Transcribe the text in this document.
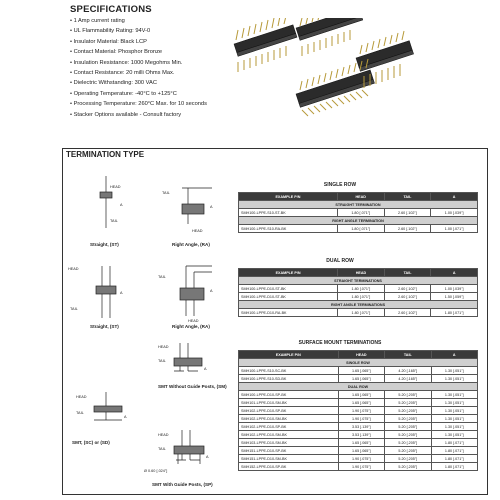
SPECIFICATIONS
• 1 Amp current rating
• UL Flammability Rating: 94V-0
• Insulator Material: Black LCP
• Contact Material: Phosphor Bronze
• Insulation Resistance: 1000 Megohms Min.
• Contact Resistance: 20 milli Ohms Max.
• Dielectric Withstanding: 300 VAC
• Operating Temperature: -40°C to +125°C
• Processing Temperature: 260°C Max. for 10 seconds
• Stacker Options available - Consult factory
TERMINATION TYPE
HEAD
TAIL
A
Straight, (ST)
TAIL
A
HEAD
Right Angle, (RA)
HEAD
TAIL
A
Straight, (ST)
TAIL
A
HEAD
Right Angle, (RA)
HEAD
TAIL
A
SMT Without Guide Posts, (SM)
HEAD
TAIL
A
SMT, (SC) or (SD)
HEAD
TAIL
A
Ø 0.60 [.024"]
SMT With Guide Posts, (SP)
SINGLE ROW
EXAMPLE P/N	HEAD	TAIL	A
STRAIGHT TERMINATION			
SMH100-LPPE-S10-ST-BK	1.80 [.071"]	2.60 [.102"]	1.00 [.039"]
RIGHT ANGLE TERMINATION			
SMH100-LPPE-S10-RA-BK	1.80 [.071"]	2.60 [.102"]	1.00 [.071"]
DUAL ROW
EXAMPLE P/N	HEAD	TAIL	A
STRAIGHT TERMINATIONS			
SMH100-LPPE-D10-ST-BK	1.80 [.071"]	2.60 [.102"]	1.00 [.039"]
SMH100-LPPE-D10-ST-BK	1.80 [.071"]	2.60 [.102"]	1.50 [.059"]
RIGHT ANGLE TERMINATIONS			
SMH100-LPPE-D10-RA-BK	1.80 [.071"]	2.60 [.102"]	1.80 [.071"]
SURFACE MOUNT TERMINATIONS
EXAMPLE P/N	HEAD	TAIL	A
SINGLE ROW			
SMH100-LPPE-S10-SC-BK	1.65 [.065"]	4.20 [.165"]	1.30 [.051"]
SMH100-LPPE-S10-SD-BK	1.65 [.065"]	4.20 [.165"]	1.30 [.051"]
DUAL ROW			
SMH100-LPPE-D10-SP-BK	1.65 [.065"]	5.20 [.205"]	1.30 [.051"]
SMH101-LPPE-D10-SM-BK	1.65 [.065"]	5.20 [.205"]	1.30 [.051"]
SMH102-LPPE-D10-SP-BK	1.90 [.075"]	5.20 [.205"]	1.30 [.051"]
SMH102-LPPE-D10-SM-BK	1.90 [.075"]	5.20 [.205"]	1.30 [.051"]
SMH102-LPPE-D10-SP-BK	3.53 [.139"]	5.20 [.205"]	1.30 [.051"]
SMH102-LPPE-D10-SM-BK	3.53 [.139"]	5.20 [.205"]	1.30 [.051"]
SMH103-LPPE-D10-SM-BK	1.65 [.065"]	5.20 [.205"]	1.80 [.071"]
SMH151-LPPE-D10-SP-BK	1.65 [.065"]	5.20 [.205"]	1.80 [.071"]
SMH151-LPPE-D10-SM-BK	1.90 [.075"]	5.20 [.205"]	1.80 [.071"]
SMH152-LPPE-D10-SP-BK	1.90 [.075"]	5.20 [.205"]	1.80 [.071"]
